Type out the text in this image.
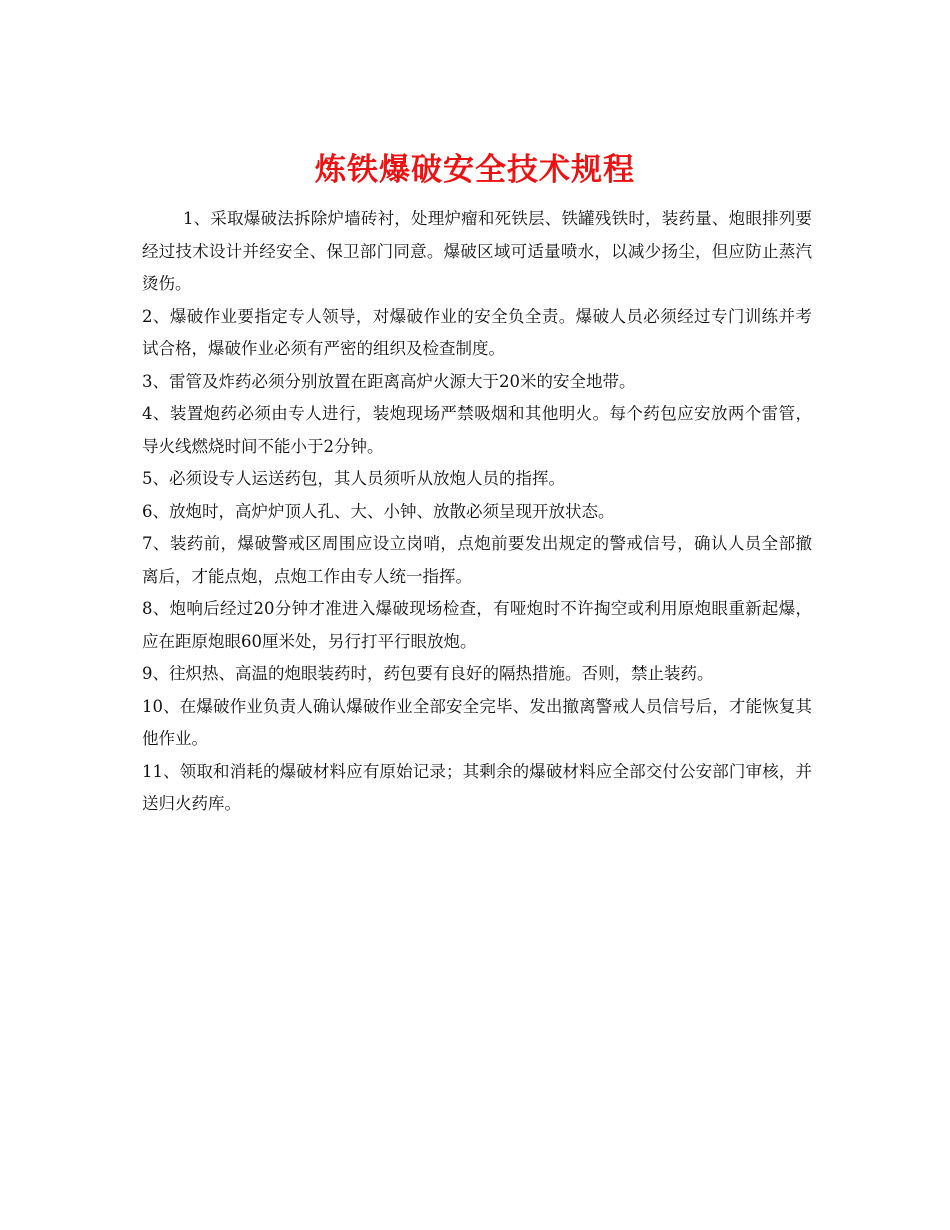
炼铁爆破安全技术规程

1、采取爆破法拆除炉墙砖衬，处理炉瘤和死铁层、铁罐残铁时，装药量、炮眼排列要经过技术设计并经安全、保卫部门同意。爆破区域可适量喷水，以减少扬尘，但应防止蒸汽烫伤。

2、爆破作业要指定专人领导，对爆破作业的安全负全责。爆破人员必须经过专门训练并考试合格，爆破作业必须有严密的组织及检查制度。

3、雷管及炸药必须分别放置在距离高炉火源大于20米的安全地带。

4、装置炮药必须由专人进行，装炮现场严禁吸烟和其他明火。每个药包应安放两个雷管，导火线燃烧时间不能小于2分钟。

5、必须设专人运送药包，其人员须听从放炮人员的指挥。

6、放炮时，高炉炉顶人孔、大、小钟、放散必须呈现开放状态。

7、装药前，爆破警戒区周围应设立岗哨，点炮前要发出规定的警戒信号，确认人员全部撤离后，才能点炮，点炮工作由专人统一指挥。

8、炮响后经过20分钟才准进入爆破现场检查，有哑炮时不许掏空或利用原炮眼重新起爆，应在距原炮眼60厘米处，另行打平行眼放炮。

9、往炽热、高温的炮眼装药时，药包要有良好的隔热措施。否则，禁止装药。

10、在爆破作业负责人确认爆破作业全部安全完毕、发出撤离警戒人员信号后，才能恢复其他作业。

11、领取和消耗的爆破材料应有原始记录；其剩余的爆破材料应全部交付公安部门审核，并送归火药库。
